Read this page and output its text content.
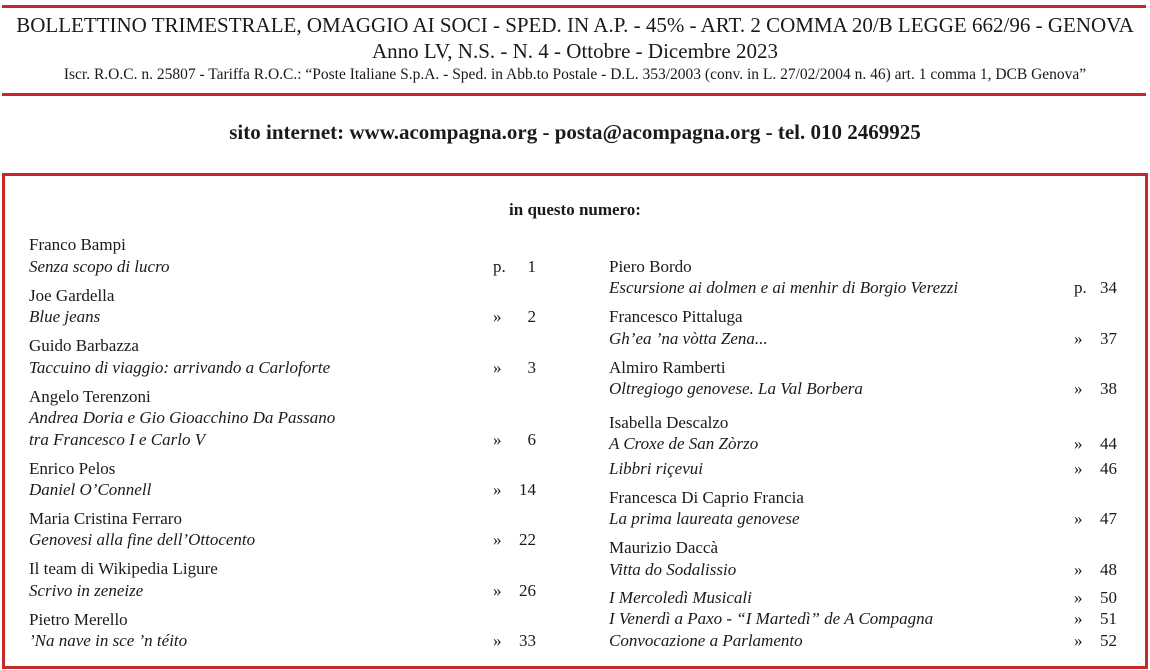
BOLLETTINO TRIMESTRALE, OMAGGIO AI SOCI - SPED. IN A.P. - 45% - ART. 2 COMMA 20/B LEGGE 662/96 - GENOVA
Anno LV, N.S. - N. 4 - Ottobre - Dicembre 2023
Iscr. R.O.C. n. 25807 - Tariffa R.O.C.: “Poste Italiane S.p.A. - Sped. in Abb.to Postale - D.L. 353/2003 (conv. in L. 27/02/2004 n. 46) art. 1 comma 1, DCB Genova”
sito internet: www.acompagna.org - posta@acompagna.org - tel. 010 2469925
in questo numero:
Franco Bampi
Senza scopo di lucro	p.	1
Joe Gardella
Blue jeans	»	2
Guido Barbazza
Taccuino di viaggio: arrivando a Carloforte	»	3
Angelo Terenzoni
Andrea Doria e Gio Gioacchino Da Passano
tra Francesco I e Carlo V	»	6
Enrico Pelos
Daniel O’Connell	»	14
Maria Cristina Ferraro
Genovesi alla fine dell’Ottocento	»	22
Il team di Wikipedia Ligure
Scrivo in zeneize	»	26
Pietro Merello
’Na nave in sce ’n téito	»	33
Piero Bordo
Escursione ai dolmen e ai menhir di Borgio Verezzi	p. 34
Francesco Pittaluga
Gh’ea ’na vòtta Zena...	»	37
Almiro Ramberti
Oltregiogo genovese. La Val Borbera	»	38
Isabella Descalzo
A Croxe de San Zòrzo	»	44
Libbri riçevui	»	46
Francesca Di Caprio Francia
La prima laureata genovese	»	47
Maurizio Daccà
Vitta do Sodalissio	»	48
I Mercoledì Musicali	»	50
I Venerdì a Paxo - “I Martedì” de A Compagna	»	51
Convocazione a Parlamento	»	52
